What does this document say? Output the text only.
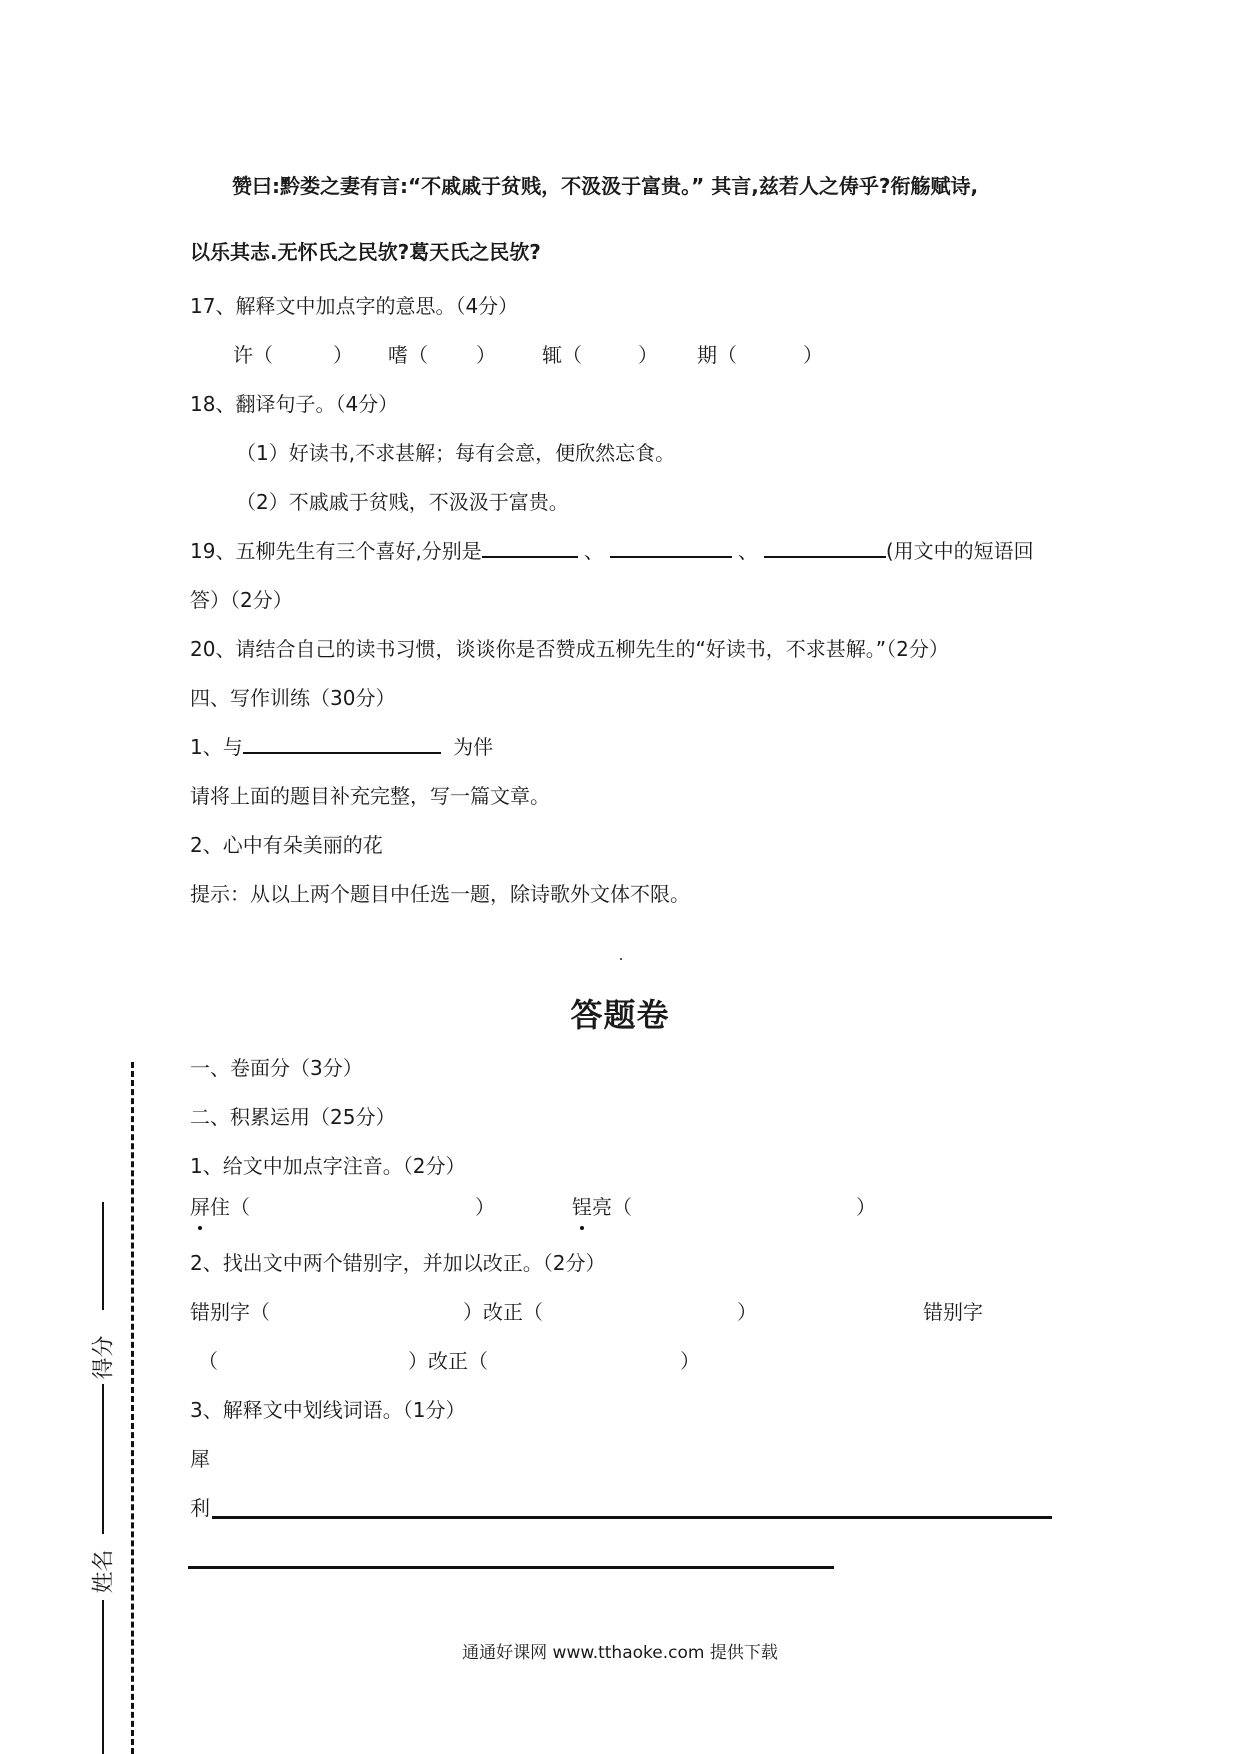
赞曰:黔娄之妻有言:“不戚戚于贫贱，不汲汲于富贵。” 其言,兹若人之俦乎?衔觞赋诗,
以乐其志.无怀氏之民欤?葛天氏之民欤?
17、解释文中加点字的意思。（4分）
许（	） 嗜（ ） 辄（	） 期（	）
18、翻译句子。（4分）
（1）好读书,不求甚解；每有会意，便欣然忘食。
（2）不戚戚于贫贱，不汲汲于富贵。
19、五柳先生有三个喜好,分别是	、	、	(用文中的短语回
答）（2分）
20、请结合自己的读书习惯，谈谈你是否赞成五柳先生的“好读书，不求甚解。”（2分）
四、写作训练（30分）
1、与	为伴
请将上面的题目补充完整，写一篇文章。
2、心中有朵美丽的花
提示：从以上两个题目中任选一题，除诗歌外文体不限。
答题卷
一、卷面分（3分）
二、积累运用（25分）
1、给文中加点字注音。（2分）
屏住（	）	锃亮（	）
2、找出文中两个错别字，并加以改正。（2分）
错别字（	）改正（	）	错别字
（	）改正（	）
3、解释文中划线词语。（1分）
犀
利
得分
姓名
通通好课网 www.tthaoke.com 提供下载
